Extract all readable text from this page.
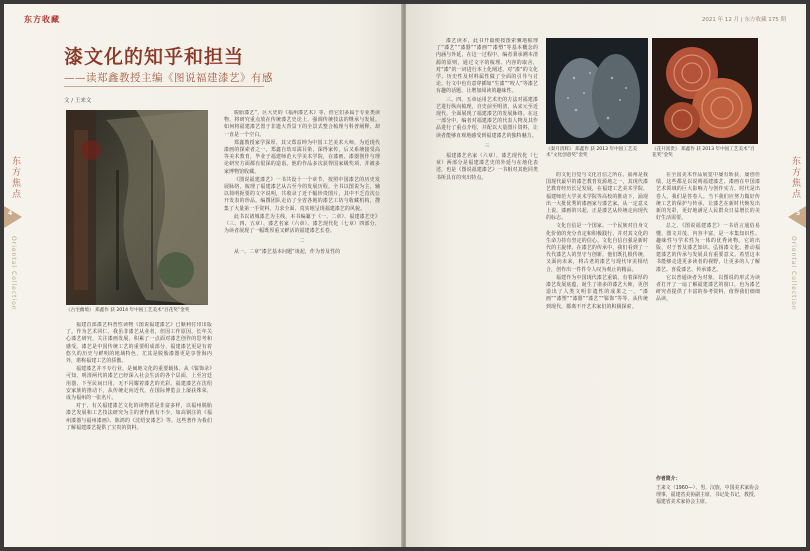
东方收藏
漆文化的知乎和担当
——读郑鑫教授主编《图说福建漆艺》有感
文 / 王来文
东方焦点
4
Oriental Collection	《古宅幽境》 郑鑫作 获 2014 年中国工艺美术“百花奖”金奖

福建首部漆艺科普性读物《图说福建漆艺》已顺利付印出版了。作为艺术同仁，我虽非漆艺从业者，但因工作原因，长年关心漆艺研究，关注漆画发展，积累了一点面对漆艺创作的思考和感受。漆艺是中国传统工艺的重要组成部分，福建漆艺更是有着悠久的历史与鲜明的地域特色，尤其是脱胎漆器更是享誉海内外，堪称福建工艺的骄傲。

福建漆艺并不专行业，是闽地文化的重要载体。从《髹饰录》可知，明清两代的漆艺已经深入社会生活的各个层面，上至宫廷用器，下至民间日用，无不闪耀着漆艺的光彩。福建漆艺在沈绍安家族的推动下，从传统走向近代，在国际博览会上屡获殊荣，成为福州的一张名片。

对于，有关福建漆艺文化的读物甚是非富多样，以福州脱胎漆艺发展和工艺技法研究为主的著作就有不少，如高钢注的《福州漆器与福州漆画》、陈鸿的《沈绍安漆艺》等，这些著作为我们了解福建漆艺提供了宝贵的资料。

脱胎漆艺”，区大史的《福州漆艺术》等，但它们多属于专业类读物，将研究重点放在传统漆艺史论上，强调传统技法的继承与发展。如何将福建漆艺置于非遗大背景下的全景式整合梳理与科普阐释，却一直是一个空白。

郑鑫教授家学深厚，其父郑益坤为中国工艺美术大师，为近现代漆画的探索者之一。郑鑫自幼耳濡目染，深得家传，后又系统接受高等美术教育，毕业于福建师范大学美术学院，在漆画、漆器创作与理论研究方面都有很深的造诣。他的作品多次获得国家级奖项，并被多家博物馆收藏。

《图说福建漆艺》一书共设十一个章节，按照中国漆艺的历史发展脉络，梳理了福建漆艺从古至今的发展历程。全书以图说为主，辅以简明扼要的文字说明，共收录了近千幅珍贵图片，其中不乏首次公开发表的珍品。编撰团队走访了全省各地的漆艺工坊与收藏机构，搜集了大量第一手资料，力求全面、真实地呈现福建漆艺的风貌。

此书以诸城漆艺为主线，本书编纂于《一、二章》、福建漆艺史》（三、四、五章）、漆艺名家（六章）、漆艺现代化（七章）四部分，为读者展现了一幅既厚重又鲜活的福建漆艺长卷。

二

从一、二章“漆艺基本问题”谈起，作为普及性的

2021 年 12 月 | 东方收藏 175 期

漆艺读本，此书开篇便按图索骥地梳理了“漆艺”“漆器”“漆画”“漆塑”等基本概念的内涵与外延，在这一过程中，编者秉承溯本清源的原则，通过文字的梳理、内容的取舍，对“漆”的一词进行本土化阐述，对“漆”的文化学、历史性及材料属性做了全面的引导与讨论，行文中也有意穿插如“生漆”“咬人”等漆艺有趣的话题，让增加阅读的趣味性。

三、四、五章运用艺术史的方法对福建漆艺进行纵向梳理，自史前至明清，从宋元至近现代，全面展现了福建漆艺的发展脉络。在这一部分中，编者对福建漆艺的代表人物及其作品进行了重点介绍，并配以大量图片资料，让读者能够直观地感受到福建漆艺的独特魅力。

三

福建漆艺名家（六章），漆艺现代化（七章）两部分是福建漆艺史的外延与在地化表述，也是《图说福建漆艺》一书相对其他同类书所具有的突出特点。

《秦月清辉》 郑鑫作 获 2013 年中国工艺美术“文化创意奖”金奖
《花开富贵》 郑鑫作 获 2013 年中国工艺美术“百花奖”金奖

的文化自觉与文化自信之所在。福州是我国现代最早的漆艺教育发源地之一，其现代漆艺教育经历长足发展，在福建工艺美术学院、福建师范大学美术学院等高校的推动下，涌现出一大批优秀的漆画家与漆艺家。从一定意义上说，漆画的兴起，正是漆艺从传统走向现代的标志。

文化自信是一个国家、一个民族对自身文化价值的充分肯定和积极践行，并对其文化的生命力持有坚定的信心。文化自信自强是新时代的主旋律。在漆艺的传承中，我们看到了一代代漆艺人的坚守与创新，他们既扎根传统，又面向未来，将古老的漆艺与现代审美相结合，创作出一件件令人叹为观止的精品。

福建作为中国现代漆艺重镇，有着深厚的漆艺发展底蕴，诞生了诸多的漆艺大师，更创造出了人类文明非遗性的成果之一。“漆画”“漆塑”“漆器”“漆艺”“髹饰”等等，从传统到现代，都离不开艺术家们的积极探索。

在全国美术作品展览中屡有斩获，屡创佳绩，这些都足以说明福建漆艺、漆画在中国漆艺术领域的巨大影响力与创作实力。时代是出卷人，我们是答卷人。当下我们应努力做好传统工艺的保护与传承，让漆艺在新时代焕发出新的光彩，更好地满足人民群众日益增长的美好生活需要。

总之，《图说福建漆艺》一书语言通俗易懂，图文并茂，内容丰富，是一本集知识性、趣味性与学术性为一体的优秀读物。它的出版，对于普及漆艺知识、弘扬漆文化、推动福建漆艺的传承与发展具有重要意义。希望这本书能够走进更多读者的视野，让更多的人了解漆艺、喜爱漆艺、传承漆艺。

它以普通读者为对象，以图说的形式为读者打开了一扇了解福建漆艺的窗口，也为漆艺研究者提供了丰富的参考资料，值得我们细细品读。

作者简介：
王来文（1960—），男，汉族，中国美术家协会理事，福建省美协副主席，书记处书记，教授，福建省美术家协会主席。
东方焦点
5
Oriental Collection
